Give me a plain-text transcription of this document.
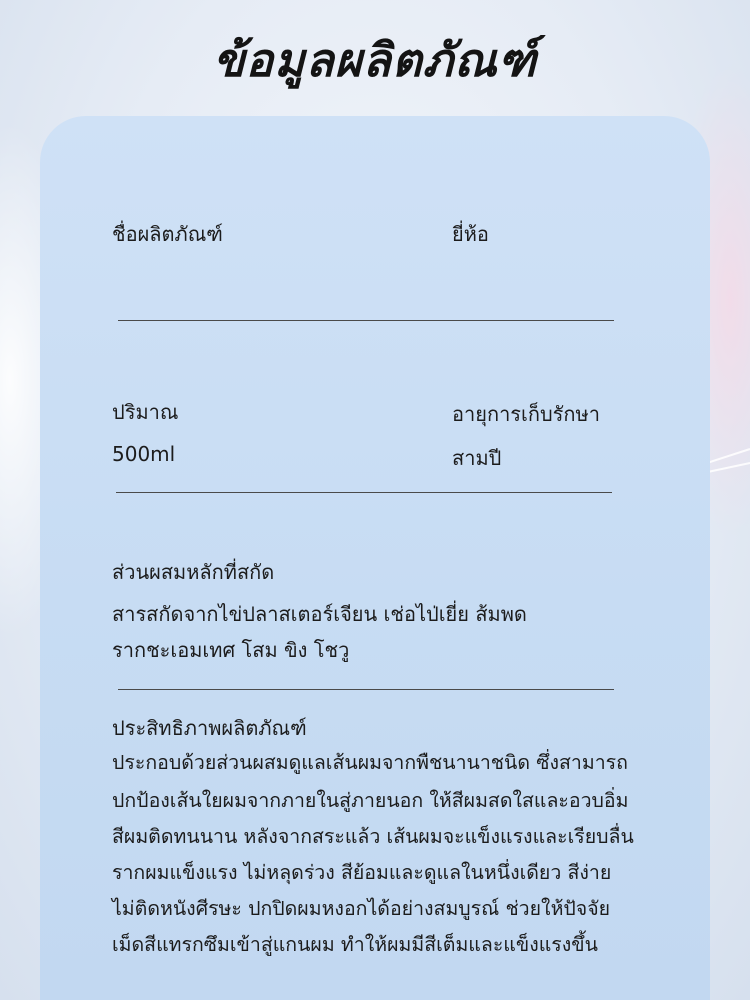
ข้อมูลผลิตภัณฑ์
ชื่อผลิตภัณฑ์	ยี่ห้อ
ปริมาณ
500ml
อายุการเก็บรักษา
สามปี
ส่วนผสมหลักที่สกัด
สารสกัดจากไข่ปลาสเตอร์เจียน เช่อไป่เยี่ย ส้มพด
รากชะเอมเทศ โสม ขิง โชวู
ประสิทธิภาพผลิตภัณฑ์
ประกอบด้วยส่วนผสมดูแลเส้นผมจากพืชนานาชนิด ซึ่งสามารถ
ปกป้องเส้นใยผมจากภายในสู่ภายนอก ให้สีผมสดใสและอวบอิ่ม
สีผมติดทนนาน หลังจากสระแล้ว เส้นผมจะแข็งแรงและเรียบลื่น
รากผมแข็งแรง ไม่หลุดร่วง สีย้อมและดูแลในหนึ่งเดียว สีง่าย
ไม่ติดหนังศีรษะ ปกปิดผมหงอกได้อย่างสมบูรณ์ ช่วยให้ปัจจัย
เม็ดสีแทรกซึมเข้าสู่แกนผม ทำให้ผมมีสีเต็มและแข็งแรงขึ้น
